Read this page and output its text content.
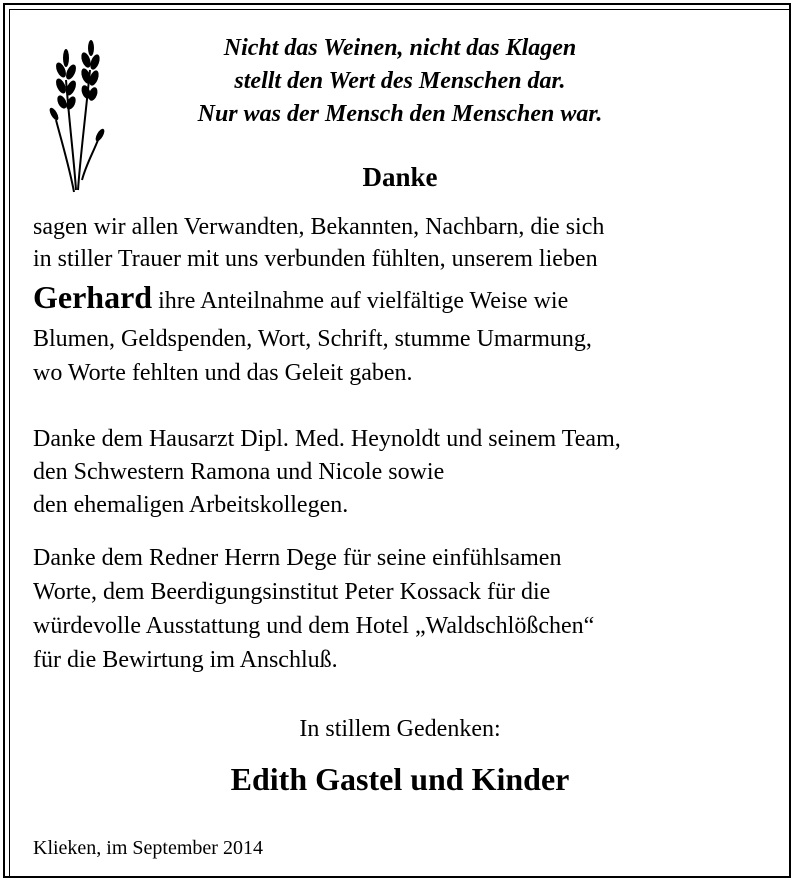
Nicht das Weinen, nicht das Klagen
stellt den Wert des Menschen dar.
Nur was der Mensch den Menschen war.
Danke
sagen wir allen Verwandten, Bekannten, Nachbarn, die sich
in stiller Trauer mit uns verbunden fühlten, unserem lieben
Gerhard ihre Anteilnahme auf vielfältige Weise wie
Blumen, Geldspenden, Wort, Schrift, stumme Umarmung,
wo Worte fehlten und das Geleit gaben.
Danke dem Hausarzt Dipl. Med. Heynoldt und seinem Team,
den Schwestern Ramona und Nicole sowie
den ehemaligen Arbeitskollegen.
Danke dem Redner Herrn Dege für seine einfühlsamen
Worte, dem Beerdigungsinstitut Peter Kossack für die
würdevolle Ausstattung und dem Hotel „Waldschlößchen“
für die Bewirtung im Anschluß.
In stillem Gedenken:
Edith Gastel und Kinder
Klieken, im September 2014
